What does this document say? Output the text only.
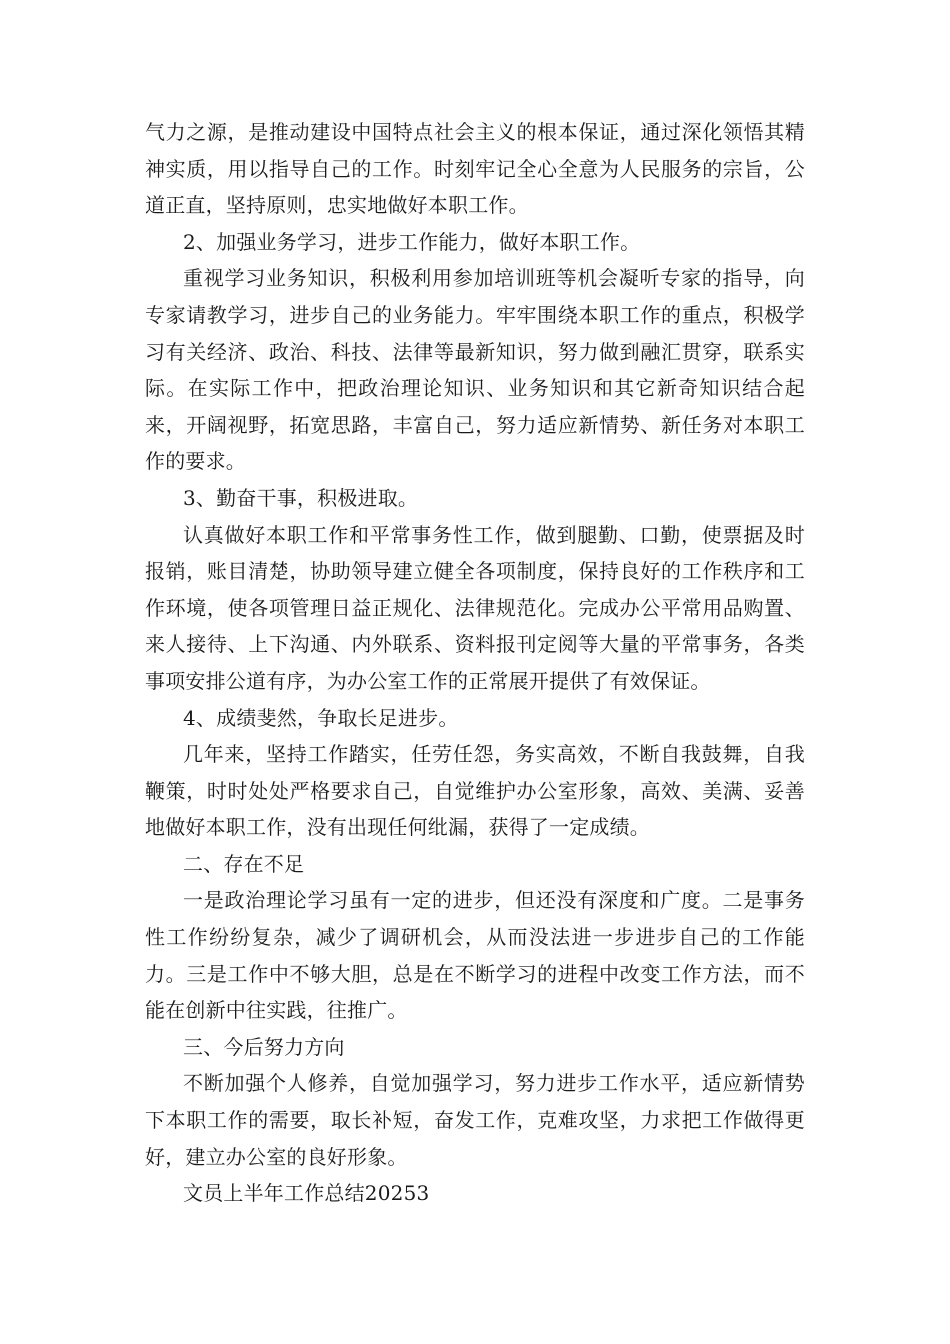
气力之源，是推动建设中国特点社会主义的根本保证，通过深化领悟其精神实质，用以指导自己的工作。时刻牢记全心全意为人民服务的宗旨，公道正直，坚持原则，忠实地做好本职工作。

2、加强业务学习，进步工作能力，做好本职工作。

重视学习业务知识，积极利用参加培训班等机会凝听专家的指导，向专家请教学习，进步自己的业务能力。牢牢围绕本职工作的重点，积极学习有关经济、政治、科技、法律等最新知识，努力做到融汇贯穿，联系实际。在实际工作中，把政治理论知识、业务知识和其它新奇知识结合起来，开阔视野，拓宽思路，丰富自己，努力适应新情势、新任务对本职工作的要求。

3、勤奋干事，积极进取。

认真做好本职工作和平常事务性工作，做到腿勤、口勤，使票据及时报销，账目清楚，协助领导建立健全各项制度，保持良好的工作秩序和工作环境，使各项管理日益正规化、法律规范化。完成办公平常用品购置、来人接待、上下沟通、内外联系、资料报刊定阅等大量的平常事务，各类事项安排公道有序，为办公室工作的正常展开提供了有效保证。

4、成绩斐然，争取长足进步。

几年来，坚持工作踏实，任劳任怨，务实高效，不断自我鼓舞，自我鞭策，时时处处严格要求自己，自觉维护办公室形象，高效、美满、妥善地做好本职工作，没有出现任何纰漏，获得了一定成绩。

二、存在不足

一是政治理论学习虽有一定的进步，但还没有深度和广度。二是事务性工作纷纷复杂，减少了调研机会，从而没法进一步进步自己的工作能力。三是工作中不够大胆，总是在不断学习的进程中改变工作方法，而不能在创新中往实践，往推广。

三、今后努力方向

不断加强个人修养，自觉加强学习，努力进步工作水平，适应新情势下本职工作的需要，取长补短，奋发工作，克难攻坚，力求把工作做得更好，建立办公室的良好形象。

文员上半年工作总结20253
